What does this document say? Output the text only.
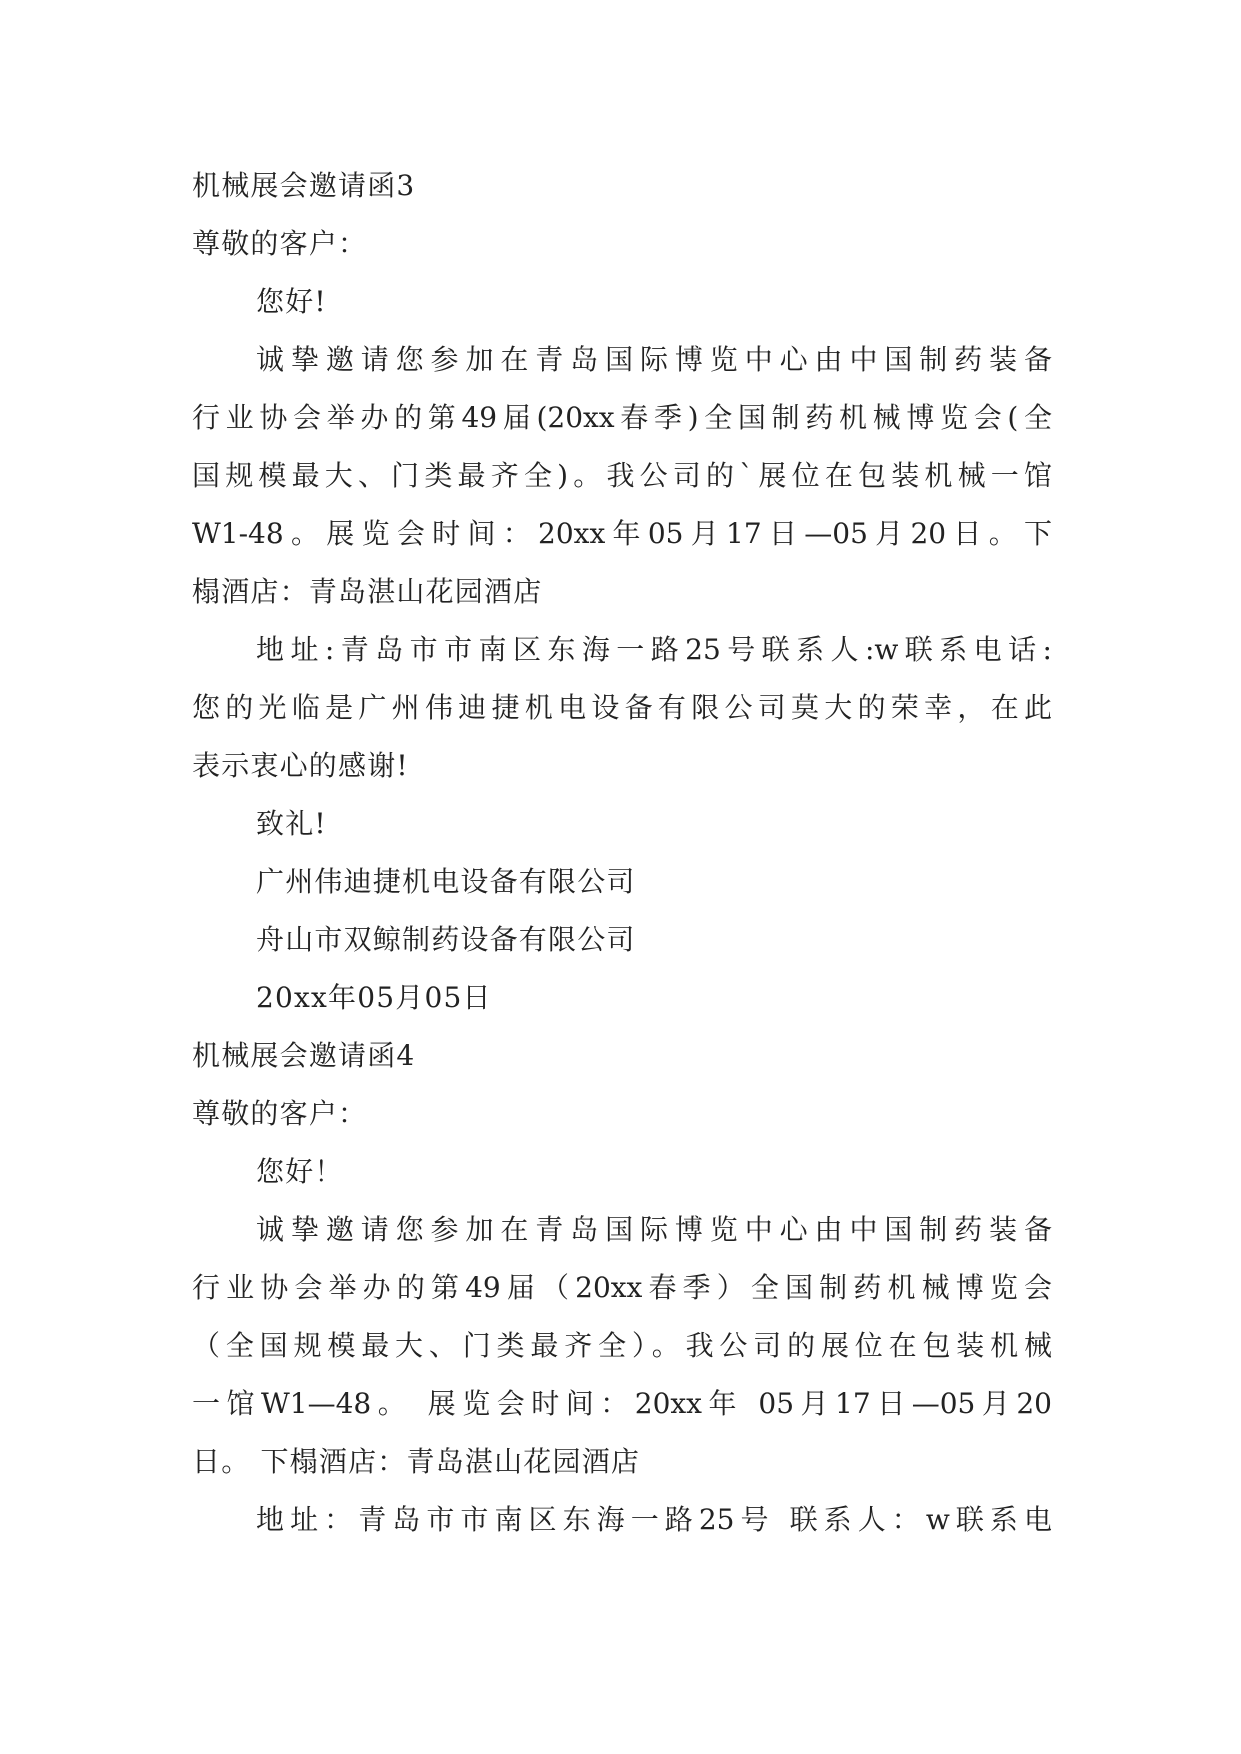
机械展会邀请函3
尊敬的客户：
您好!
诚挚邀请您参加在青岛国际博览中心由中国制药装备
行业协会举办的第49届(20xx春季)全国制药机械博览会(全
国规模最大、门类最齐全)。我公司的`展位在包装机械一馆
W1-48。展览会时间：20xx年05月17日—05月20日。下
榻酒店：青岛湛山花园酒店
地址:青岛市市南区东海一路25号联系人:w联系电话:
您的光临是广州伟迪捷机电设备有限公司莫大的荣幸，在此
表示衷心的感谢!
致礼!
广州伟迪捷机电设备有限公司
舟山市双鲸制药设备有限公司
20xx年05月05日
机械展会邀请函4
尊敬的客户：
您好！
诚挚邀请您参加在青岛国际博览中心由中国制药装备
行业协会举办的第49届（20xx春季）全国制药机械博览会
（全国规模最大、门类最齐全）。我公司的展位在包装机械
一馆W1—48。 展览会时间：20xx年 05月17日—05月20
日。 下榻酒店：青岛湛山花园酒店
地址：青岛市市南区东海一路25号 联系人：w联系电
